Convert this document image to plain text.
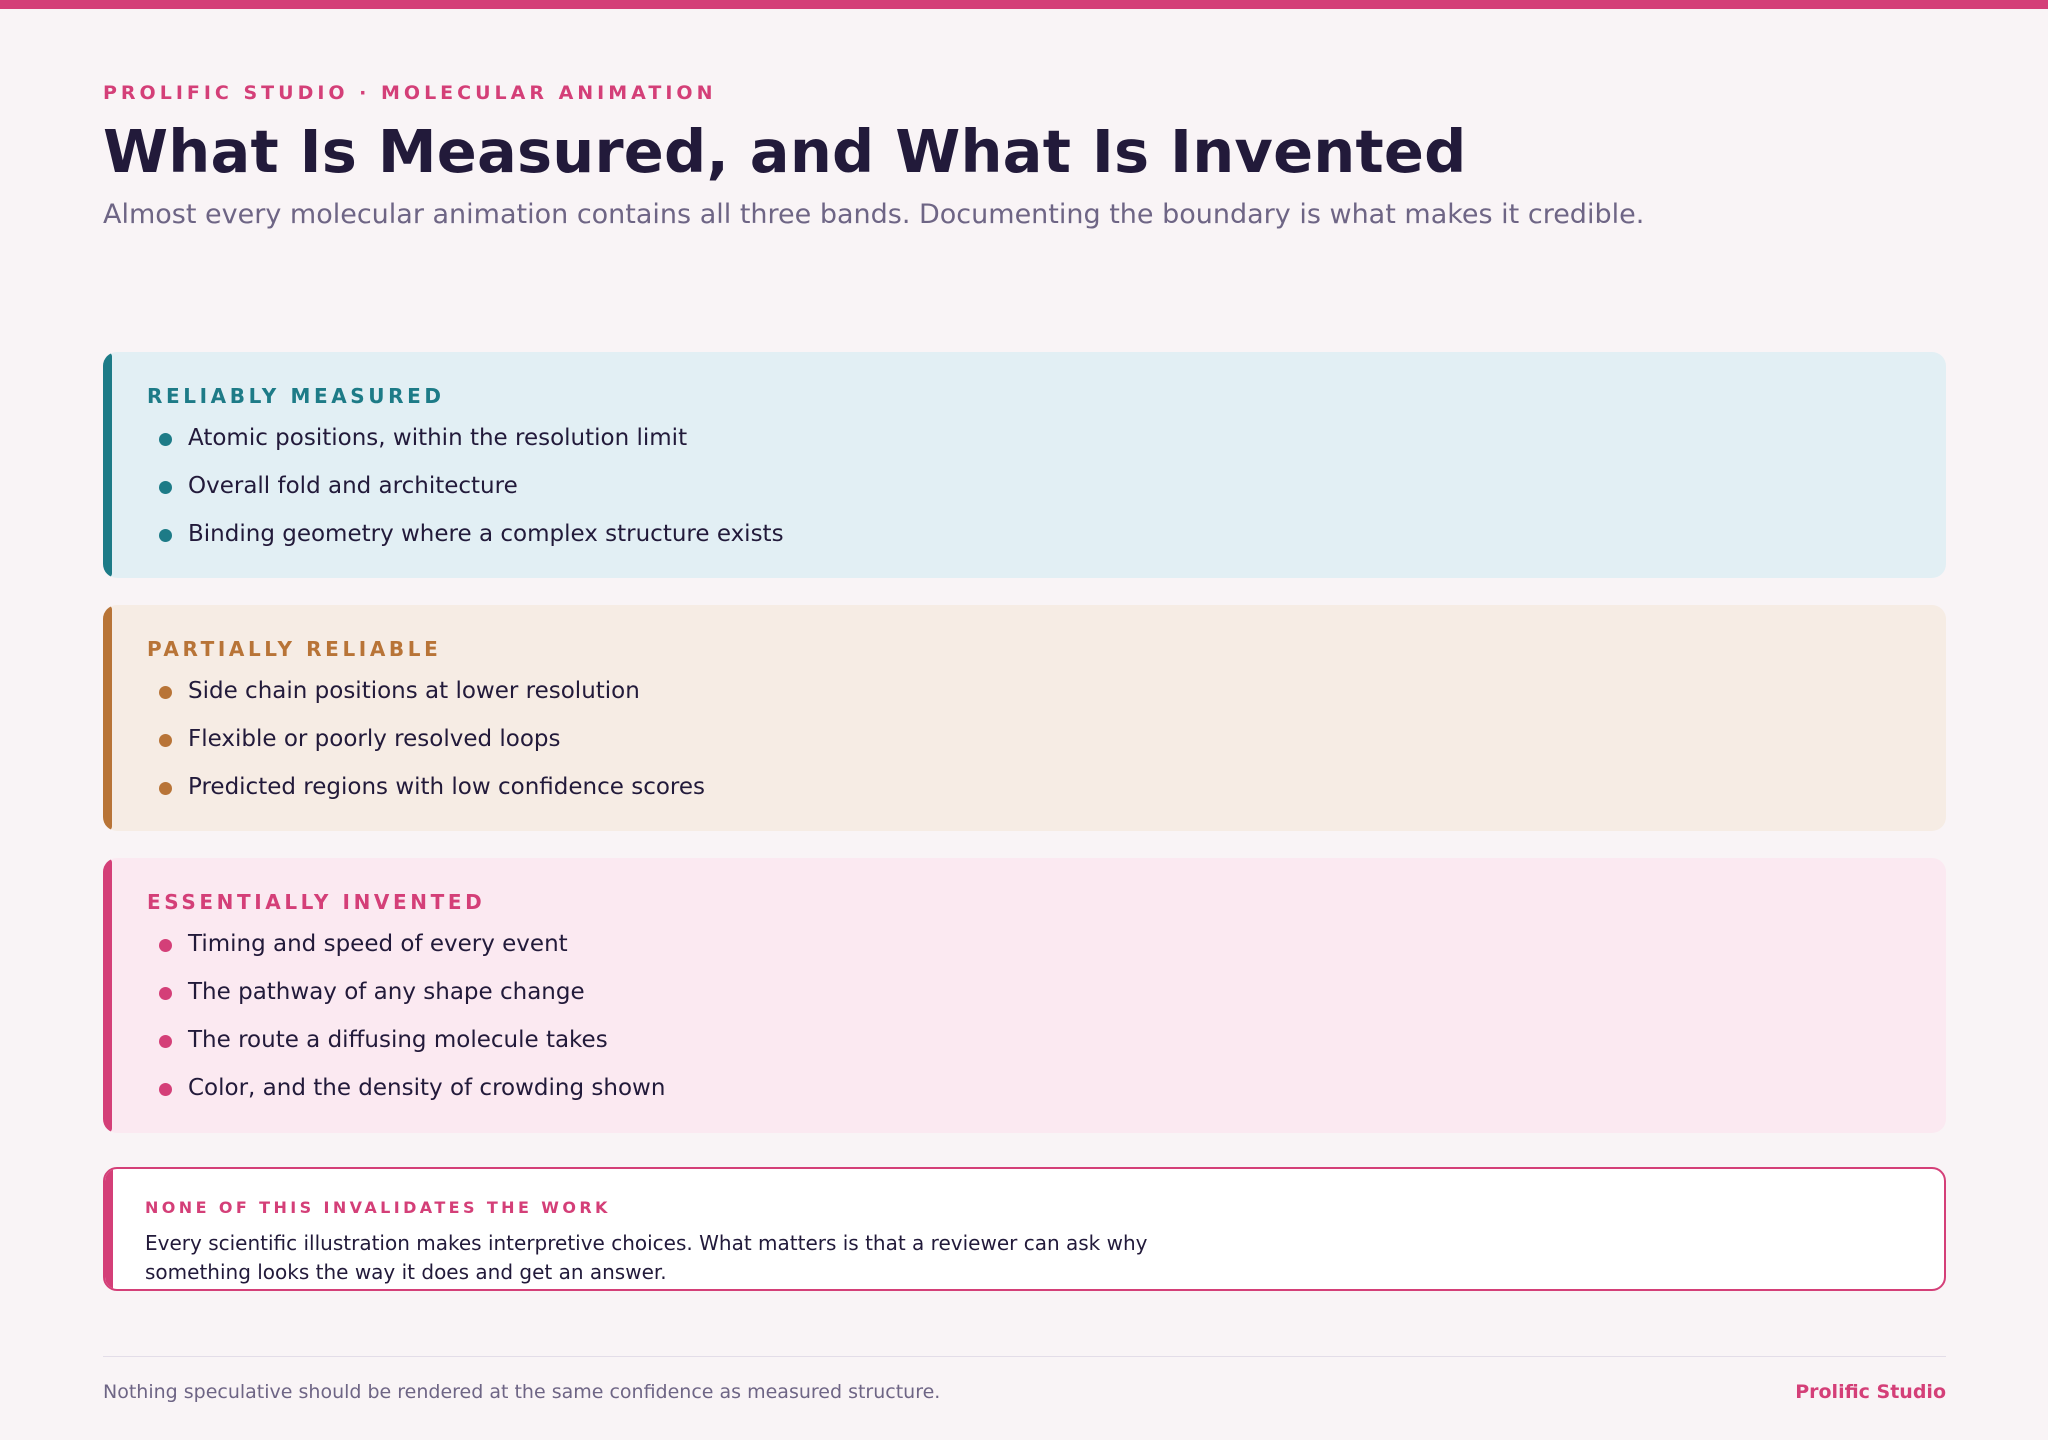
PROLIFIC STUDIO · MOLECULAR ANIMATION
What Is Measured, and What Is Invented

Almost every molecular animation contains all three bands. Documenting the boundary is what makes it credible.

RELIABLY MEASURED
Atomic positions, within the resolution limit
Overall fold and architecture
Binding geometry where a complex structure exists
PARTIALLY RELIABLE
Side chain positions at lower resolution
Flexible or poorly resolved loops
Predicted regions with low confidence scores
ESSENTIALLY INVENTED
Timing and speed of every event
The pathway of any shape change
The route a diffusing molecule takes
Color, and the density of crowding shown
NONE OF THIS INVALIDATES THE WORK

Every scientific illustration makes interpretive choices. What matters is that a reviewer can ask why something looks the way it does and get an answer.

Nothing speculative should be rendered at the same confidence as measured structure.	Prolific Studio
